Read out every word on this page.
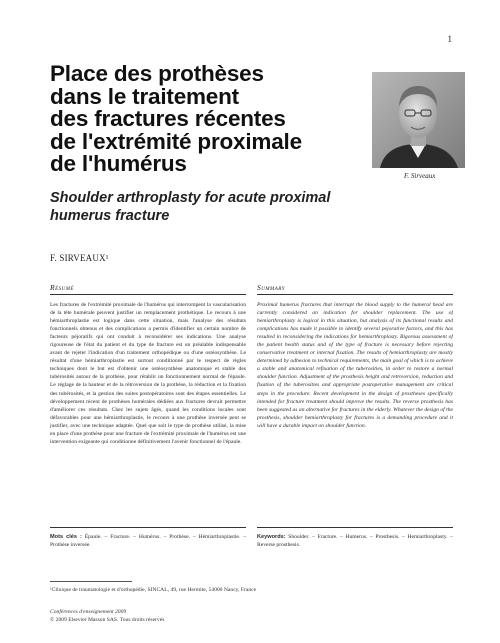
1
Place des prothèses
dans le traitement
des fractures récentes
de l'extrémité proximale
de l'humérus
Shoulder arthroplasty for acute proximal
humerus fracture
F. Sirveaux
F. SIRVEAUX¹
Résumé

Les fractures de l'extrémité proximale de l'humérus qui interrompent la vascularisation de la tête humérale peuvent justifier un remplacement prothétique. Le recours à une hémiarthroplastie est logique dans cette situation, mais l'analyse des résultats fonctionnels obtenus et des complications a permis d'identifier un certain nombre de facteurs péjoratifs qui ont conduit à reconsidérer ses indications. Une analyse rigoureuse de l'état du patient et du type de fracture est un préalable indispensable avant de rejeter l'indication d'un traitement orthopédique ou d'une ostéosynthèse. Le résultat d'une hémiarthroplastie est surtout conditionné par le respect de règles techniques dont le but est d'obtenir une ostéosynthèse anatomique et stable des tubérosités autour de la prothèse, pour rétablir un fonctionnement normal de l'épaule. Le réglage de la hauteur et de la rétroversion de la prothèse, la réduction et la fixation des tubérosités, et la gestion des suites postopératoires sont des étapes essentielles. Le développement récent de prothèses humérales dédiées aux fractures devrait permettre d'améliorer ces résultats. Chez les sujets âgés, quand les conditions locales sont défavorables pour une hémiarthroplastie, le recours à une prothèse inversée peut se justifier, avec une technique adaptée. Quel que soit le type de prothèse utilisé, la mise en place d'une prothèse pour une fracture de l'extrémité proximale de l'humérus est une intervention exigeante qui conditionne définitivement l'avenir fonctionnel de l'épaule.

Summary

Proximal humerus fractures that interrupt the blood supply to the humeral head are currently considered an indication for shoulder replacement. The use of hemiarthroplasty is logical in this situation, but analysis of its functional results and complications has made it possible to identify several pejorative factors, and this has resulted in reconsidering the indications for hemiarthroplasty. Rigorous assessment of the patient health status and of the type of fracture is necessary before rejecting conservative treatment or internal fixation. The results of hemiarthroplasty are mostly determined by adhesion to technical requirements, the main goal of which is to achieve a stable and anatomical refixation of the tuberosities, in order to restore a normal shoulder function. Adjustment of the prosthesis height and retroversion, reduction and fixation of the tuberosities and appropriate postoperative management are critical steps in the procedure. Recent development in the design of prostheses specifically intended for fracture treatment should improve the results. The reverse prosthesis has been suggested as an alternative for fractures in the elderly. Whatever the design of the prosthesis, shoulder hemiarthroplasty for fractures is a demanding procedure and it will have a durable impact on shoulder function.

Mots clés : Épaule. – Fracture. – Humérus. – Prothèse. – Hémiarthroplastie. – Prothèse inversée.

Keywords: Shoulder. – Fracture. – Humerus. – Prosthesis. – Hemiarthroplasty. – Reverse prosthesis.

¹Clinique de traumatologie et d'orthopédie, SINCAL, 49, rue Hermite, 54000 Nancy, France
Conférences d'enseignement 2009
© 2009 Elsevier Masson SAS. Tous droits réservés
